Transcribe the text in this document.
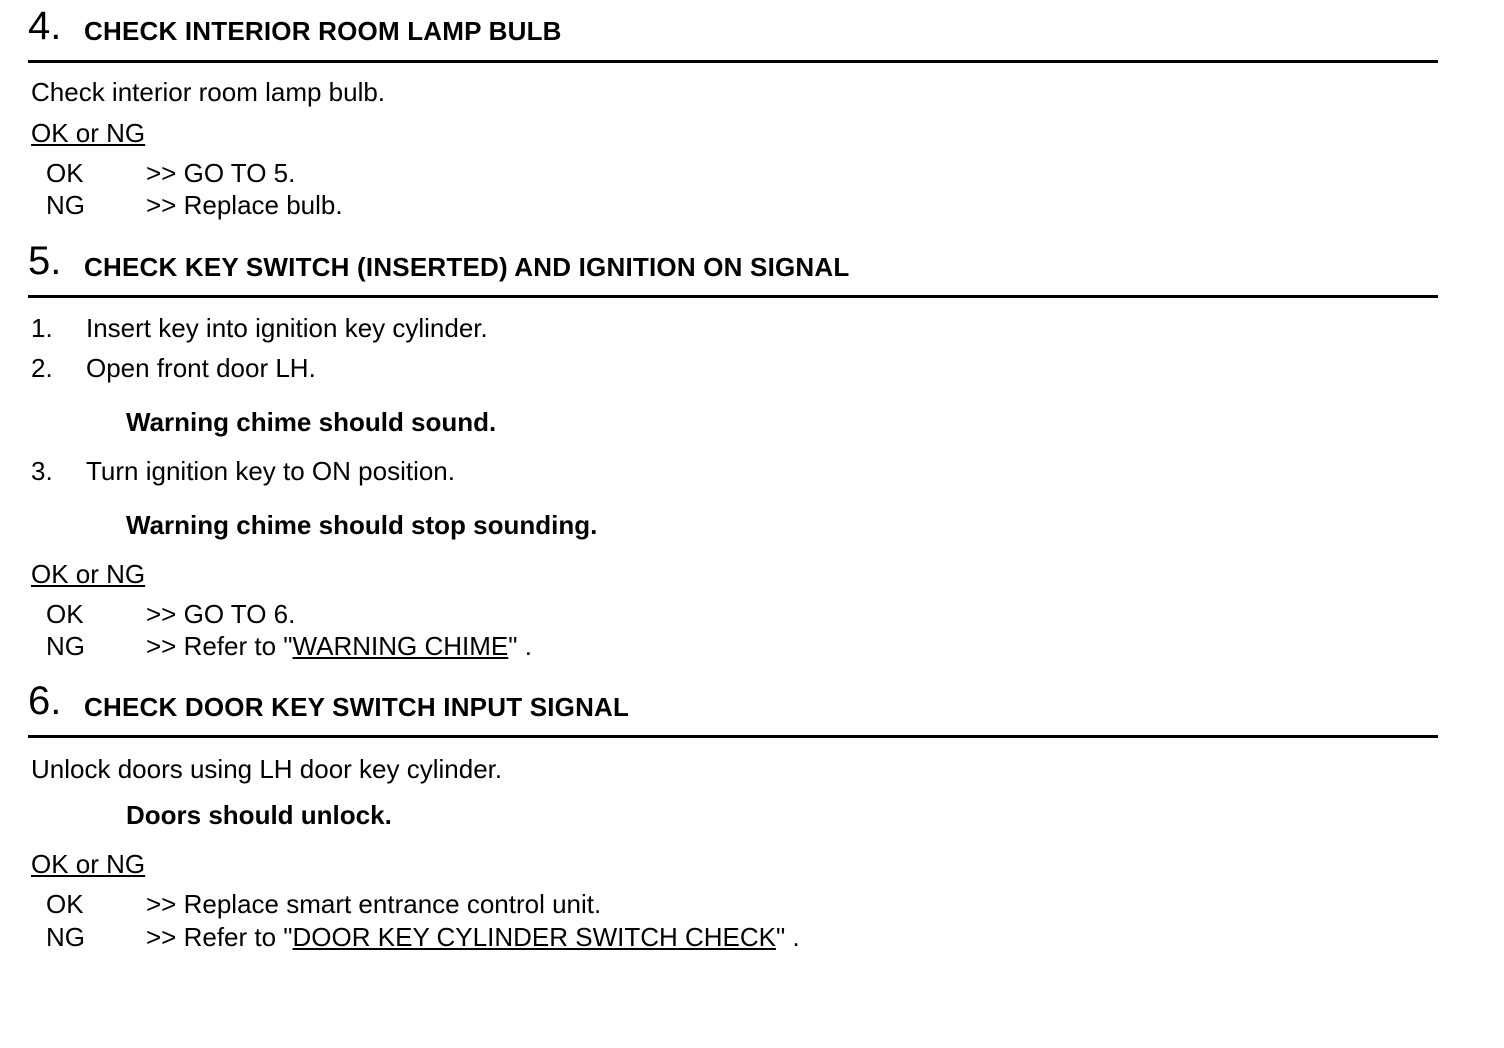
4. CHECK INTERIOR ROOM LAMP BULB
Check interior room lamp bulb.
OK or NG
OK >> GO TO 5.
NG >> Replace bulb.
5. CHECK KEY SWITCH (INSERTED) AND IGNITION ON SIGNAL
1. Insert key into ignition key cylinder.
2. Open front door LH.
Warning chime should sound.
3. Turn ignition key to ON position.
Warning chime should stop sounding.
OK or NG
OK >> GO TO 6.
NG >> Refer to "WARNING CHIME" .
6. CHECK DOOR KEY SWITCH INPUT SIGNAL
Unlock doors using LH door key cylinder.
Doors should unlock.
OK or NG
OK >> Replace smart entrance control unit.
NG >> Refer to "DOOR KEY CYLINDER SWITCH CHECK" .
